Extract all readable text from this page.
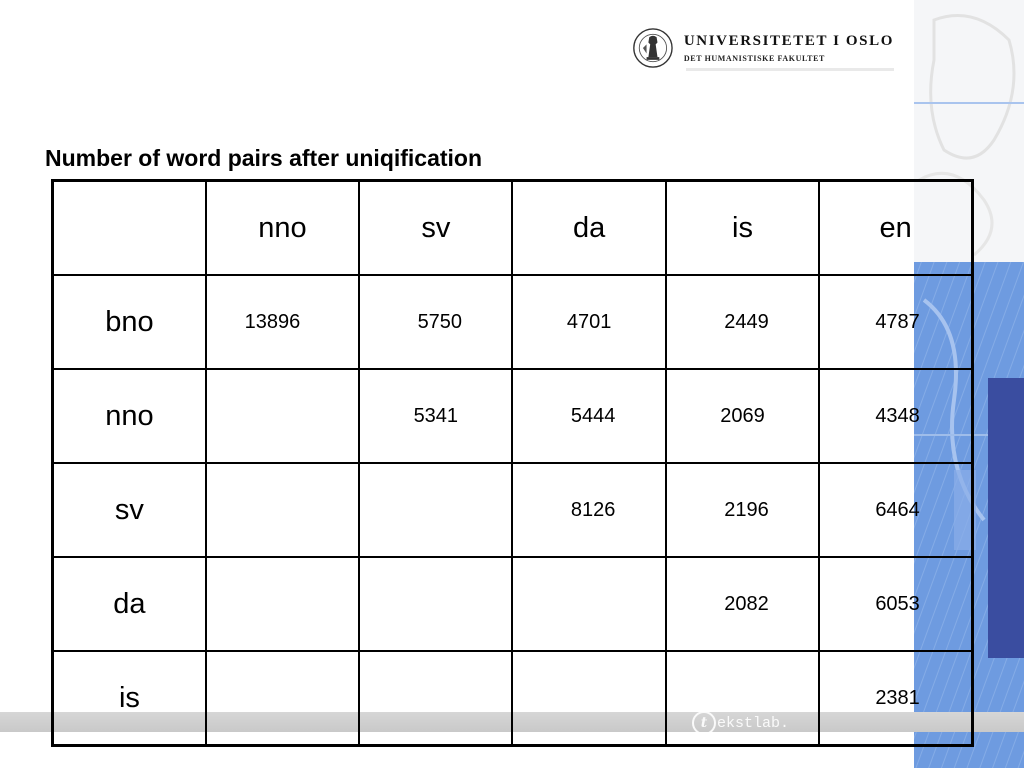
t ekstlab.
UNIVERSITETET I OSLO
DET HUMANISTISKE FAKULTET
Number of word pairs after uniqification
	nno	sv	da	is	en
bno	13896	5750	4701	2449	4787
nno		5341	5444	2069	4348
sv			8126	2196	6464
da				2082	6053
is					2381
